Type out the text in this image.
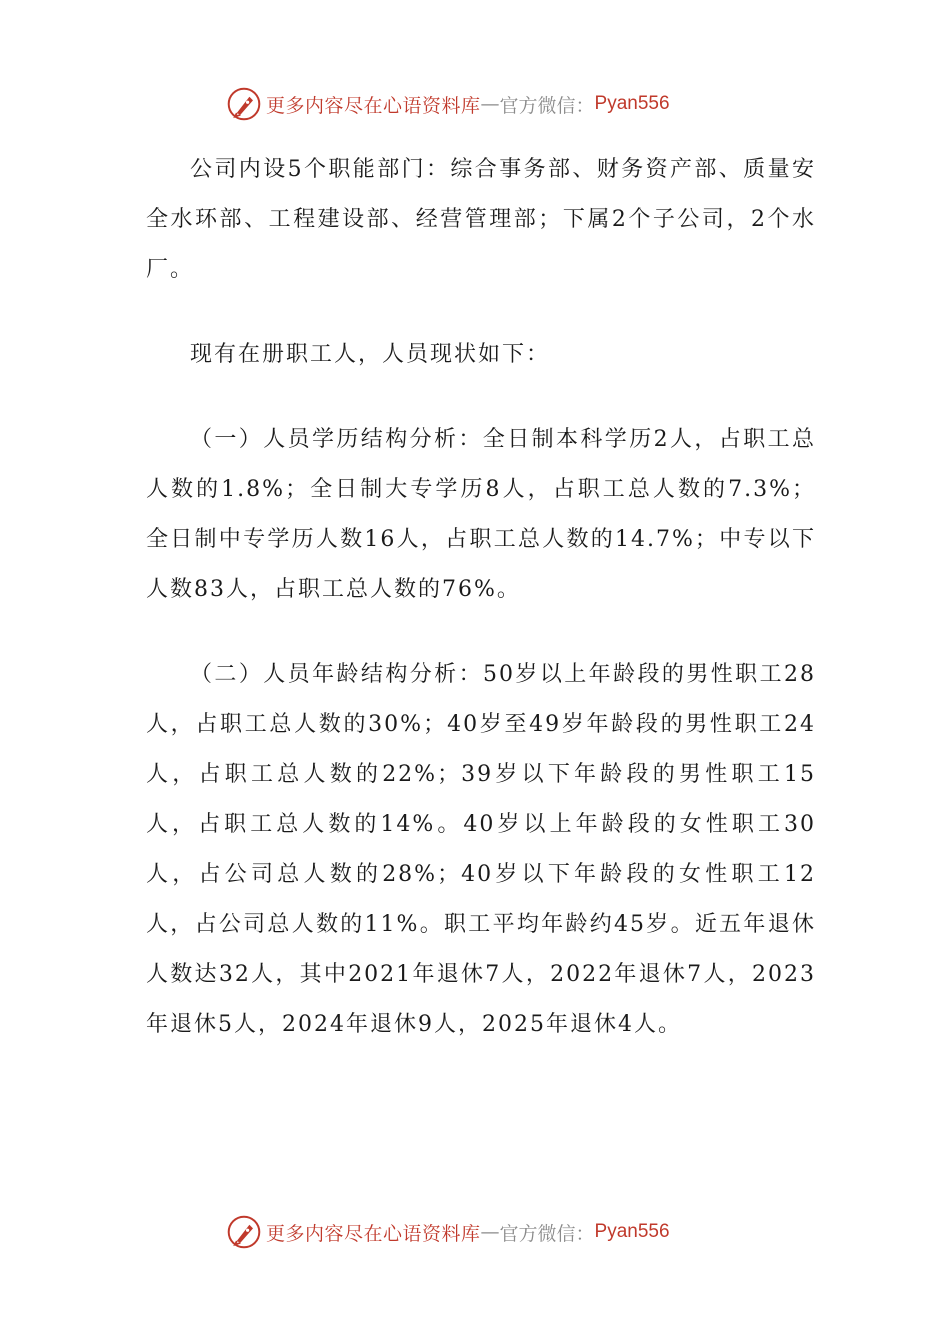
更多内容尽在心语资料库 — 官方微信： Pyan556

公司内设5个职能部门：综合事务部、财务资产部、质量安全水环部、工程建设部、经营管理部；下属2个子公司，2个水厂。

现有在册职工人，人员现状如下：

（一）人员学历结构分析：全日制本科学历2人，占职工总人数的1.8%；全日制大专学历8人，占职工总人数的7.3%；全日制中专学历人数16人，占职工总人数的14.7%；中专以下人数83人，占职工总人数的76%。

（二）人员年龄结构分析：50岁以上年龄段的男性职工28人，占职工总人数的30%；40岁至49岁年龄段的男性职工24人，占职工总人数的22%；39岁以下年龄段的男性职工15人，占职工总人数的14%。40岁以上年龄段的女性职工30人，占公司总人数的28%；40岁以下年龄段的女性职工12人，占公司总人数的11%。职工平均年龄约45岁。近五年退休人数达32人，其中2021年退休7人，2022年退休7人，2023年退休5人，2024年退休9人，2025年退休4人。

更多内容尽在心语资料库 — 官方微信： Pyan556
